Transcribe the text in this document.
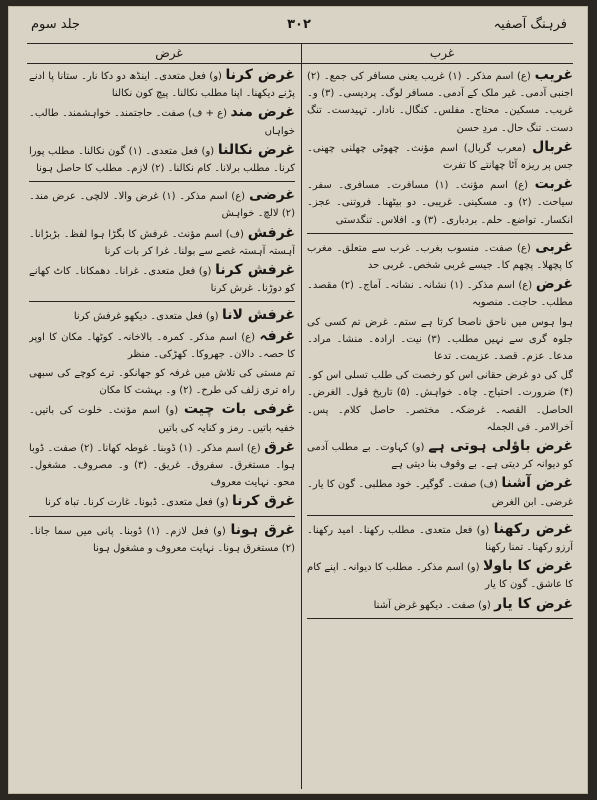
فرہنگ آصفیہ
۳۰۲
جلد سوم
غرب
غرض

غریب (ع) اسم مذکر۔ (۱) غریب یعنی مسافر کی جمع۔ (۲) اجنبی آدمی۔ غیر ملک کے آدمی۔ مسافر لوگ۔ پردیسی۔ (۳) و۔ غریب۔ مسکین۔ محتاج۔ مفلس۔ کنگال۔ نادار۔ تہیدست۔ تنگ دست۔ تنگ حال۔ مردِ حسن

غربال (معرب گربال) اسم مؤنث۔ چھوٹی چھلنی چھنی۔ جس پر ریزہ آٹا چھانتے کا تفرت

غربت (ع) اسم مؤنث۔ (۱) مسافرت۔ مسافری۔ سفر۔ سیاحت۔ (۲) و۔ مسکینی۔ غریبی۔ دو بیٹھنا۔ فروتنی۔ عجز۔ انکسار۔ تواضع۔ حلم۔ بردباری۔ (۳) و۔ افلاس۔ تنگدستی

غربی (ع) صفت۔ منسوب بغرب۔ غرب سے متعلق۔ مغرب کا پچھلا۔ پچھم کا۔ جیسے غربی شخص۔ غربی حد

غرض (ع) اسم مذکر۔ (۱) نشانہ۔ نشانہ۔ آماج۔ (۲) مقصد۔ مطلب۔ حاجت۔ منصوبہ

ہوا ہوس میں ناحق ناصحا کرتا ہے ستم۔ غرض تم کسی کی جلوہ گری سے نہیں مطلب۔ (۳) نیت۔ ارادہ۔ منشا۔ مراد۔ مدعا۔ عزم۔ قصد۔ عزیمت۔ تدعا

گل کی دو غرض حقانی اس کو رخصت کی طلب تسلی اس کو۔ (۴) ضرورت۔ احتیاج۔ چاہ۔ خواہش۔ (۵) تاریخ قول۔ الغرض۔ الحاصل۔ القصہ۔ غرضکہ۔ مختصر۔ حاصل کلام۔ پس۔ آخرالامر۔ فی الجملہ

غرض باؤلی ہوتی ہے (و) کہاوت۔ بے مطلب آدمی کو دیوانہ کر دیتی ہے۔ بے وقوف بنا دیتی ہے

غرض آشنا (ف) صفت۔ گوگیر۔ خود مطلبی۔ گون کا یار۔ غرضی۔ ابن الغرض

غرض رکھنا (و) فعل متعدی۔ مطلب رکھنا۔ امید رکھنا۔ آرزو رکھنا۔ تمنا رکھنا

غرض کا باولا (و) اسم مذکر۔ مطلب کا دیوانہ۔ اپنے کام کا عاشق۔ گون کا یار

غرض کا یار (و) صفت۔ دیکھو غرض آشنا

غرض کرنا (و) فعل متعدی۔ اینڈھ دو دکا نار۔ ستانا پا ادنے پڑنے دیکھنا۔ اپنا مطلب نکالنا۔ پیچ کون نکالنا

غرض مند (ع + ف) صفت۔ حاجتمند۔ خواہشمند۔ طالب۔ خواہاں

غرض نکالنا (و) فعل متعدی۔ (۱) گون نکالنا۔ مطلب پورا کرنا۔ مطلب برلانا۔ کام نکالنا۔ (۲) لازم۔ مطلب کا حاصل ہونا

غرضی (ع) اسم مذکر۔ (۱) غرض والا۔ لالچی۔ عرض مند۔ (۲) لالچ۔ خواہش

غرفش (ف) اسم مؤنث۔ غرفش کا بگڑا ہوا لفظ۔ بڑبڑانا۔ آہستہ آہستہ غصے سے بولنا۔ غرا کر بات کرنا

غرفش کرنا (و) فعل متعدی۔ غرانا۔ دھمکانا۔ کاٹ کھانے کو دوڑنا۔ غرش کرنا

غرفش لانا (و) فعل متعدی۔ دیکھو غرفش کرنا

غرفہ (ع) اسم مذکر۔ کمرہ۔ بالاخانہ۔ کوٹھا۔ مکان کا اوپر کا حصہ۔ دالان۔ جھروکا۔ کھڑکی۔ منظر

تم مستی کی تلاش میں غرفہ کو جھانکو۔ ترے کوچے کی سبھی راہ تری زلف کی طرح۔ (۲) و۔ بہشت کا مکان

غرفی بات چیت (و) اسم مؤنث۔ خلوت کی باتیں۔ خفیہ باتیں۔ رمز و کنایہ کی باتیں

غرق (ع) اسم مذکر۔ (۱) ڈوبنا۔ غوطہ کھانا۔ (۲) صفت۔ ڈوبا ہوا۔ مستغرق۔ سفروق۔ غریق۔ (۳) و۔ مصروف۔ مشغول۔ محو۔ نہایت معروف

غرق کرنا (و) فعل متعدی۔ ڈبونا۔ غارت کرنا۔ تباہ کرنا

غرق ہونا (و) فعل لازم۔ (۱) ڈوبنا۔ پانی میں سما جانا۔ (۲) مستغرق ہونا۔ نہایت معروف و مشغول ہونا
